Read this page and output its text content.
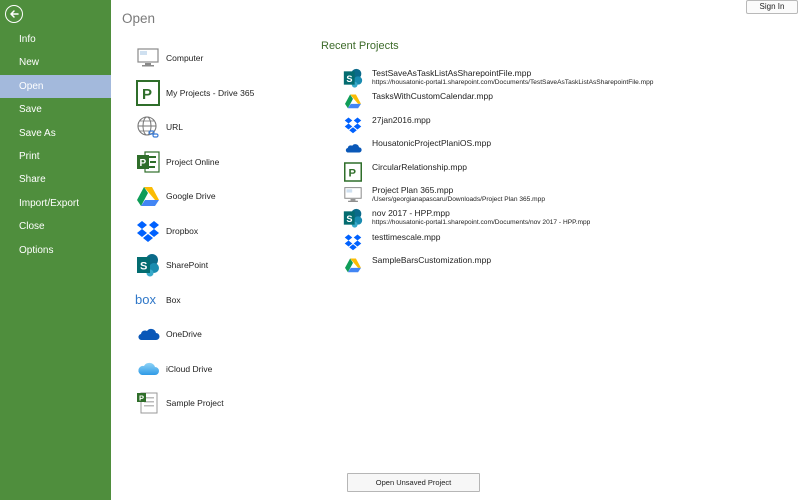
Info
New
Open
Save
Save As
Print
Share
Import/Export
Close
Options
Open
Sign In
Computer
P My Projects - Drive 365
URL
P Project Online
Google Drive
Dropbox
S SharePoint
box Box
OneDrive
iCloud Drive
P	Sample Project
Recent Projects
S
TestSaveAsTaskListAsSharepointFile.mpp
https://housatonic-portal1.sharepoint.com/Documents/TestSaveAsTaskListAsSharepointFile.mpp
TasksWithCustomCalendar.mpp
27jan2016.mpp
HousatonicProjectPlaniOS.mpp
P
CircularRelationship.mpp
Project Plan 365.mpp
/Users/georgianapascaru/Downloads/Project Plan 365.mpp
S
nov 2017 - HPP.mpp
https://housatonic-portal1.sharepoint.com/Documents/nov 2017 - HPP.mpp
testtimescale.mpp
SampleBarsCustomization.mpp
Open Unsaved Project
